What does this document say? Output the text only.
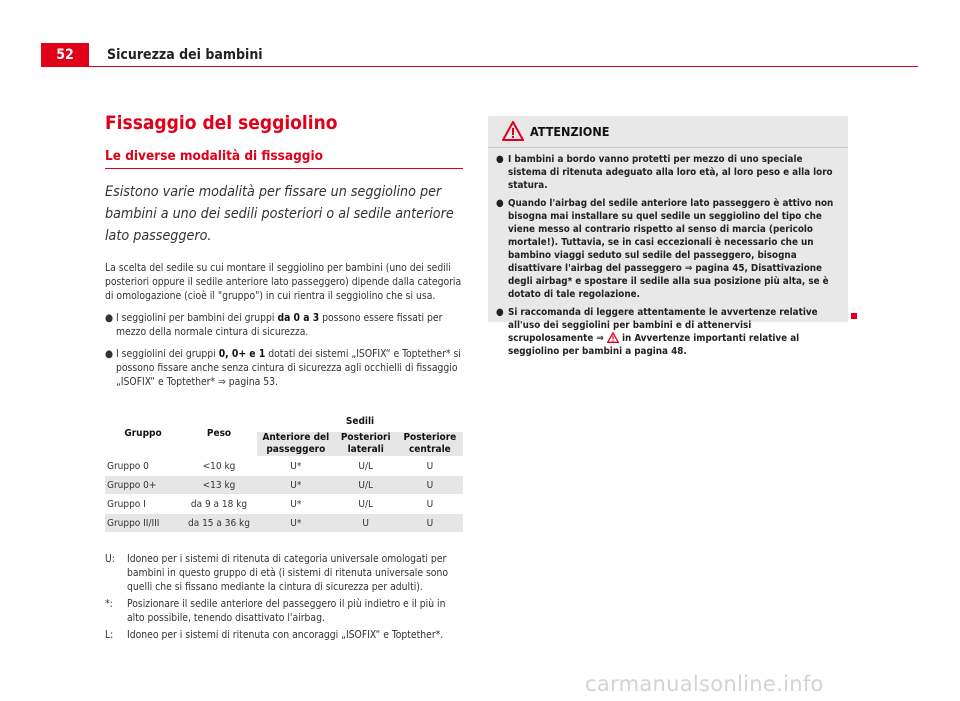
52	Sicurezza dei bambini
Fissaggio del seggiolino
Le diverse modalità di fissaggio

Esistono varie modalità per fissare un seggiolino per bambini a uno dei sedili posteriori o al sedile anteriore lato passeggero.

La scelta del sedile su cui montare il seggiolino per bambini (uno dei sedili posteriori oppure il sedile anteriore lato passeggero) dipende dalla categoria di omologazione (cioè il "gruppo") in cui rientra il seggiolino che si usa.

● I seggiolini per bambini dei gruppi da 0 a 3 possono essere fissati per mezzo della normale cintura di sicurezza.
● I seggiolini dei gruppi 0, 0+ e 1 dotati dei sistemi „ISOFIX“ e Toptether* si possono fissare anche senza cintura di sicurezza agli occhielli di fissaggio „ISOFIX“ e Toptether* ⇒ pagina 53.
Gruppo	Peso	Sedili		
		Anteriore del passeggero	Posteriori laterali	Posteriore centrale
Gruppo 0	<10 kg	U*	U/L	U
Gruppo 0+	<13 kg	U*	U/L	U
Gruppo I	da 9 a 18 kg	U*	U/L	U
Gruppo II/III	da 15 a 36 kg	U*	U	U
U:	Idoneo per i sistemi di ritenuta di categoria universale omologati per bambini in questo gruppo di età (i sistemi di ritenuta universale sono quelli che si fissano mediante la cintura di sicurezza per adulti).
*:	Posizionare il sedile anteriore del passeggero il più indietro e il più in alto possibile, tenendo disattivato l'airbag.
L:	Idoneo per i sistemi di ritenuta con ancoraggi „ISOFIX“ e Toptether*.
ATTENZIONE
● I bambini a bordo vanno protetti per mezzo di uno speciale sistema di ritenuta adeguato alla loro età, al loro peso e alla loro statura.
● Quando l'airbag del sedile anteriore lato passeggero è attivo non bisogna mai installare su quel sedile un seggiolino del tipo che viene messo al contrario rispetto al senso di marcia (pericolo mortale!). Tuttavia, se in casi eccezionali è necessario che un bambino viaggi seduto sul sedile del passeggero, bisogna disattivare l'airbag del passeggero ⇒ pagina 45, Disattivazione degli airbag* e spostare il sedile alla sua posizione più alta, se è dotato di tale regolazione.
● Si raccomanda di leggere attentamente le avvertenze relative all'uso dei seggiolini per bambini e di attenervisi scrupolosamente ⇒  in Avvertenze importanti relative al seggiolino per bambini a pagina 48.
carmanualsonline.info
